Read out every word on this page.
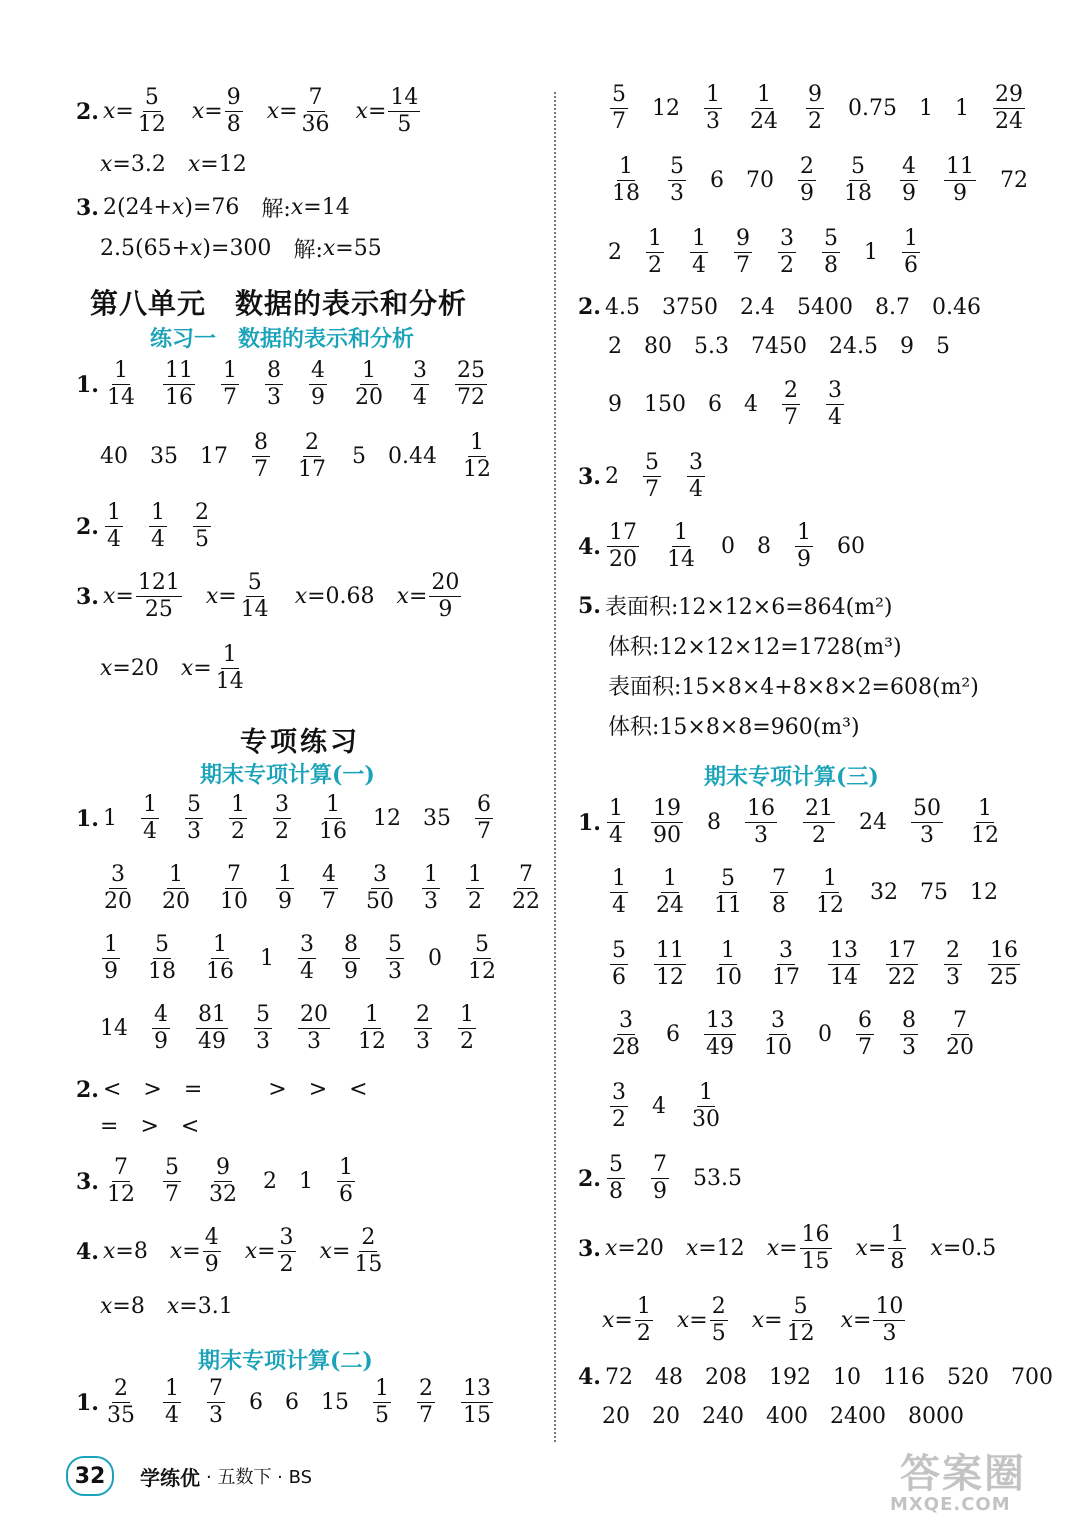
2. $x = \frac{5}{12}$ $x = \frac{9}{8}$ $x = \frac{7}{36}$ $x = \frac{14}{5}$
x =3.2 x =12
3. 2(24+ x )=76 解: x =14
2.5(65+ x )=300 解: x =55
第八单元　数据的表示和分析
练习一　数据的表示和分析
1. $\frac{1}{14} \frac{11}{16} \frac{1}{7} \frac{8}{3} \frac{4}{9} \frac{1}{20} \frac{3}{4} \frac{25}{72}$
40 35 $17 \frac{8}{7} \frac{2}{17} 5$ $0.44 \frac{1}{12}$
2. $\frac{1}{4} \frac{1}{4} \frac{2}{5}$
3. $x = \frac{121}{25}$ $x = \frac{5}{14}$ x =0.68 $x = \frac{20}{9}$
x =20 $x = \frac{1}{14}$
专项练习
期末专项计算(一)
1. $1 \frac{1}{4} \frac{5}{3} \frac{1}{2} \frac{3}{2} \frac{1}{16} 12$ $35 \frac{6}{7}$
$\frac{3}{20} \frac{1}{20} \frac{7}{10} \frac{1}{9} \frac{4}{7} \frac{3}{50} \frac{1}{3} \frac{1}{2} \frac{7}{22}$
$\frac{1}{9} \frac{5}{18} \frac{1}{16} 1 \frac{3}{4} \frac{8}{9} \frac{5}{3} 0 \frac{5}{12}$
$14 \frac{4}{9} \frac{81}{49} \frac{5}{3} \frac{20}{3} \frac{1}{12} \frac{2}{3} \frac{1}{2}$
2. < > =
　	> > <
= > <
3. $\frac{7}{12} \frac{5}{7} \frac{9}{32} 2$ $1 \frac{1}{6}$
4. x =8 $x = \frac{4}{9}$ $x = \frac{3}{2}$ $x = \frac{2}{15}$
x =8 x =3.1
期末专项计算(二)
1. $\frac{2}{35} \frac{1}{4} \frac{7}{3} 6$ 6 $15 \frac{1}{5} \frac{2}{7} \frac{13}{15}$
$\frac{5}{7} 12 \frac{1}{3} \frac{1}{24} \frac{9}{2} 0.75$ 1 $1 \frac{29}{24}$
$\frac{1}{18} \frac{5}{3} 6$ $70 \frac{2}{9} \frac{5}{18} \frac{4}{9} \frac{11}{9} 72$
$2 \frac{1}{2} \frac{1}{4} \frac{9}{7} \frac{3}{2} \frac{5}{8} 1 \frac{1}{6}$
2. 4.5 3750 2.4 5400 8.7 0.46
2 80 5.3 7450 24.5 9 5
9 150 6 $4 \frac{2}{7} \frac{3}{4}$
3. $2 \frac{5}{7} \frac{3}{4}$
4. $\frac{17}{20} \frac{1}{14} 0$ $8 \frac{1}{9} 60$
5. 表面积:12×12×6=864(m²)
体积:12×12×12=1728(m³)
表面积:15×8×4+8×8×2=608(m²)
体积:15×8×8=960(m³)
期末专项计算(三)
1. $\frac{1}{4} \frac{19}{90} 8 \frac{16}{3} \frac{21}{2} 24 \frac{50}{3} \frac{1}{12}$
$\frac{1}{4} \frac{1}{24} \frac{5}{11} \frac{7}{8} \frac{1}{12} 32$ 75 12
$\frac{5}{6} \frac{11}{12} \frac{1}{10} \frac{3}{17} \frac{13}{14} \frac{17}{22} \frac{2}{3} \frac{16}{25}$
$\frac{3}{28} 6 \frac{13}{49} \frac{3}{10} 0 \frac{6}{7} \frac{8}{3} \frac{7}{20}$
$\frac{3}{2} 4 \frac{1}{30}$
2. $\frac{5}{8} \frac{7}{9} 53.5$
3. x =20 x =12 $x = \frac{16}{15}$ $x = \frac{1}{8}$ x =0.5
$x = \frac{1}{2}$ $x = \frac{2}{5}$ $x = \frac{5}{12}$ $x = \frac{10}{3}$
4. 72 48 208 192 10 116 520 700
20 20 240 400 2400 8000
32	学练优 · 五数下 · BS	答案圈
MXQE.COM
